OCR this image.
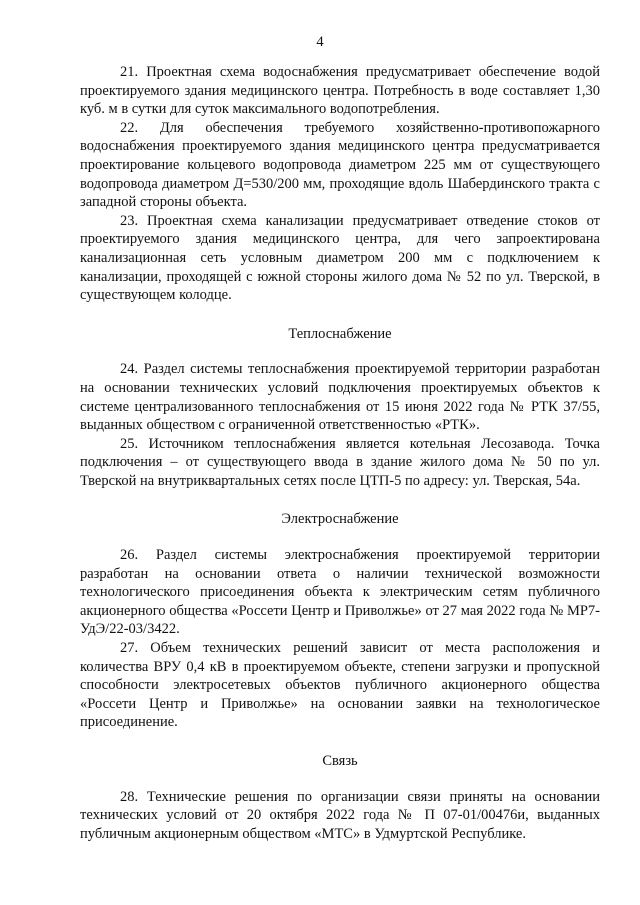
4

21. Проектная схема водоснабжения предусматривает обеспечение водой проектируемого здания медицинского центра. Потребность в воде составляет 1,30 куб. м в сутки для суток максимального водопотребления.

22. Для обеспечения требуемого хозяйственно-противопожарного водоснабжения проектируемого здания медицинского центра предусматривается проектирование кольцевого водопровода диаметром 225 мм от существующего водопровода диаметром Д=530/200 мм, проходящие вдоль Шабердинского тракта с западной стороны объекта.

23. Проектная схема канализации предусматривает отведение стоков от проектируемого здания медицинского центра, для чего запроектирована канализационная сеть условным диаметром 200 мм с подключением к канализации, проходящей с южной стороны жилого дома № 52 по ул. Тверской, в существующем колодце.

Теплоснабжение

24. Раздел системы теплоснабжения проектируемой территории разработан на основании технических условий подключения проектируемых объектов к системе централизованного теплоснабжения от 15 июня 2022 года № РТК 37/55, выданных обществом с ограниченной ответственностью «РТК».

25. Источником теплоснабжения является котельная Лесозавода. Точка подключения – от существующего ввода в здание жилого дома № 50 по ул. Тверской на внутриквартальных сетях после ЦТП-5 по адресу: ул. Тверская, 54а.

Электроснабжение

26. Раздел системы электроснабжения проектируемой территории разработан на основании ответа о наличии технической возможности технологического присоединения объекта к электрическим сетям публичного акционерного общества «Россети Центр и Приволжье» от 27 мая 2022 года № МР7-УдЭ/22-03/3422.

27. Объем технических решений зависит от места расположения и количества ВРУ 0,4 кВ в проектируемом объекте, степени загрузки и пропускной способности электросетевых объектов публичного акционерного общества «Россети Центр и Приволжье» на основании заявки на технологическое присоединение.

Связь

28. Технические решения по организации связи приняты на основании технических условий от 20 октября 2022 года № П 07-01/00476и, выданных публичным акционерным обществом «МТС» в Удмуртской Республике.
